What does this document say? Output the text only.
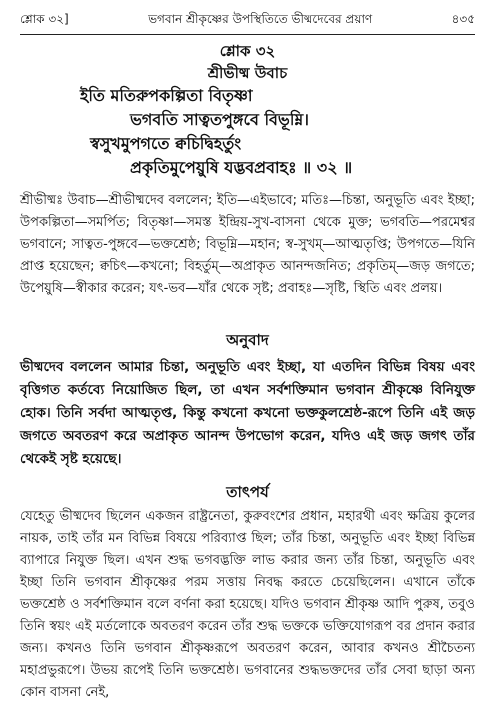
শ্লোক ৩২]	ভগবান শ্রীকৃষ্ণের উপস্থিতিতে ভীষ্মদেবের প্রয়াণ	৪৩৫
শ্লোক ৩২
শ্রীভীষ্ম উবাচ
ইতি মতিরুপকল্পিতা বিতৃষ্ণা
ভগবতি সাত্বতপুঙ্গবে বিভূম্নি।
স্বসুখমুপগতে ক্বচিদ্বিহর্তুং
প্রকৃতিমুপেয়ুষি যদ্ভবপ্রবাহঃ ॥ ৩২ ॥

শ্রীভীষ্মঃ উবাচ—শ্রীভীষ্মদেব বললেন; ইতি—এইভাবে; মতিঃ—চিন্তা, অনুভূতি এবং ইচ্ছা; উপকল্পিতা—সমর্পিত; বিতৃষ্ণা—সমস্ত ইন্দ্রিয়-সুখ-বাসনা থেকে মুক্ত; ভগবতি—পরমেশ্বর ভগবানে; সাত্বত-পুঙ্গবে—ভক্তশ্রেষ্ঠ; বিভূম্নি—মহান; স্ব-সুখম্—আত্মতৃপ্তি; উপগতে—যিনি প্রাপ্ত হয়েছেন; ক্বচিৎ—কখনো; বিহর্তুম্—অপ্রাকৃত আনন্দজনিত; প্রকৃতিম্—জড় জগতে; উপেয়ুষি—স্বীকার করেন; যৎ-ভব—যাঁর থেকে সৃষ্ট; প্রবাহঃ—সৃষ্টি, স্থিতি এবং প্রলয়।

অনুবাদ

ভীষ্মদেব বললেন আমার চিন্তা, অনুভূতি এবং ইচ্ছা, যা এতদিন বিভিন্ন বিষয় এবং বৃত্তিগত কর্তব্যে নিয়োজিত ছিল, তা এখন সর্বশক্তিমান ভগবান শ্রীকৃষ্ণে বিনিযুক্ত হোক। তিনি সর্বদা আত্মতৃপ্ত, কিন্তু কখনো কখনো ভক্তকুলশ্রেষ্ঠ-রূপে তিনি এই জড় জগতে অবতরণ করে অপ্রাকৃত আনন্দ উপভোগ করেন, যদিও এই জড় জগৎ তাঁর থেকেই সৃষ্ট হয়েছে।

তাৎপর্য

যেহেতু ভীষ্মদেব ছিলেন একজন রাষ্ট্রনেতা, কুরুবংশের প্রধান, মহারথী এবং ক্ষত্রিয় কুলের নায়ক, তাই তাঁর মন বিভিন্ন বিষয়ে পরিব্যাপ্ত ছিল; তাঁর চিন্তা, অনুভূতি এবং ইচ্ছা বিভিন্ন ব্যাপারে নিযুক্ত ছিল। এখন শুদ্ধ ভগবদ্ভক্তি লাভ করার জন্য তাঁর চিন্তা, অনুভূতি এবং ইচ্ছা তিনি ভগবান শ্রীকৃষ্ণের পরম সত্তায় নিবদ্ধ করতে চেয়েছিলেন। এখানে তাঁকে ভক্তশ্রেষ্ঠ ও সর্বশক্তিমান বলে বর্ণনা করা হয়েছে। যদিও ভগবান শ্রীকৃষ্ণ আদি পুরুষ, তবুও তিনি স্বয়ং এই মর্তলোকে অবতরণ করেন তাঁর শুদ্ধ ভক্তকে ভক্তিযোগরূপ বর প্রদান করার জন্য। কখনও তিনি ভগবান শ্রীকৃষ্ণরূপে অবতরণ করেন, আবার কখনও শ্রীচৈতন্য মহাপ্রভুরূপে। উভয় রূপেই তিনি ভক্তশ্রেষ্ঠ। ভগবানের শুদ্ধভক্তদের তাঁর সেবা ছাড়া অন্য কোন বাসনা নেই,
